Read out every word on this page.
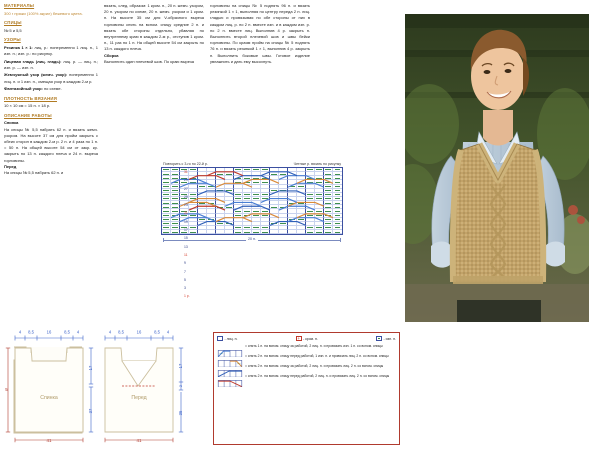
МАТЕРИАЛЫ
300 г пряжи (100% акрил) бежевого цвета.
СПИЦЫ
№ 5 и 5,5
УЗОРЫ
Резинка 1 × 1: лиц. р.: попеременно 1 лиц. п., 1 изн. п.; изн. р.: по рисунку.
Лицевая гладь (лиц. гладь): лиц. р. — лиц. п.; изн. р. — изн. п.
Жемчужный узор (жемч. узор): попеременно 1 лиц. п. и 1 изн. п., смещая узор в каждом 2-м р.
Фантазийный узор: по схеме.
ПЛОТНОСТЬ ВЯЗАНИЯ
10 × 10 см = 15 п. × 18 р.
ОПИСАНИЕ РАБОТЫ
Спинка
На спицы № 5,5 набрать 62 п. и вязать жемч. узором. На высоте 37 см для пройм закрыть с обеих сторон в каждом 2-м р. 2 п. и 4 раза по 1 п. = 50 п. На общей высоте 54 см от закр. кр. закрыть по 13 п. каждого плеча и 24 п. выреза горловины.
Перед
На спицы № 5,5 набрать 62 п. и
вязать, след. образом: 1 кром. п., 20 п. жемч. узором, 20 п. узором по схеме, 20 п. жемч. узором и 1 кром. п. На высоте 35 см для V-образного выреза горловины снять на вспом. спицу средние 2 п. и вязать обе стороны отдельно, убавляя по внутреннему краю в каждом 2-м р., отступив 1 кром. п., 11 раз по 1 п. На общей высоте 54 см закрыть по 13 п. каждого плеча.
Сборка
Выполнить один плечевой шов. По краю выреза
горловины на спицы № 5 поднять 96 п. и вязать резинкой 1 × 1, выполняя по центру переда 2 п. лиц. гладью и провязывая по обе стороны от них в каждом лиц. р. по 2 п. вместе изн. и в каждом изн. р. по 2 п. вместе лиц. Выполнив 4 р. закрыть п. Выполнить второй плечевой шов и швы бейки горловины. По краям пройм на спицы № 5 поднять 76 п. и вязать резинкой 1 × 1, выполнив 4 р. закрыть п. Выполнить боковые швы. Готовое изделие увлажнить и дать ему высохнуть.
Повторить с 3-го по 22-й р.	Четные р. вязать по рисунку
20 п.
31
29
27
25
23
21
19
17
15
13
11
9
7
5
3
1 р.
Спинка	Перед
4 8,5	16	8,5 4	4 8,5	16	8,5 4
5
17
37
17
2
35
41	41
- лиц. п. +	- кром. п.	- изн. п.
= снять 1 п. на вспом. спицу за работой, 2 лиц. п. и провязать изн. 1 п. со вспом. спицы
= снять 2 п. на вспом. спицу перед работой, 1 изн. п. и провязать лиц. 2 п. со вспом. спицы
= снять 2 п. на вспом. спицу за работой, 2 лиц. п. и провязать лиц. 2 п. со вспом. спицы
= снять 2 п. на вспом. спицу перед работой, 2 лиц. п. и провязать лиц. 2 п. со вспом. спицы
